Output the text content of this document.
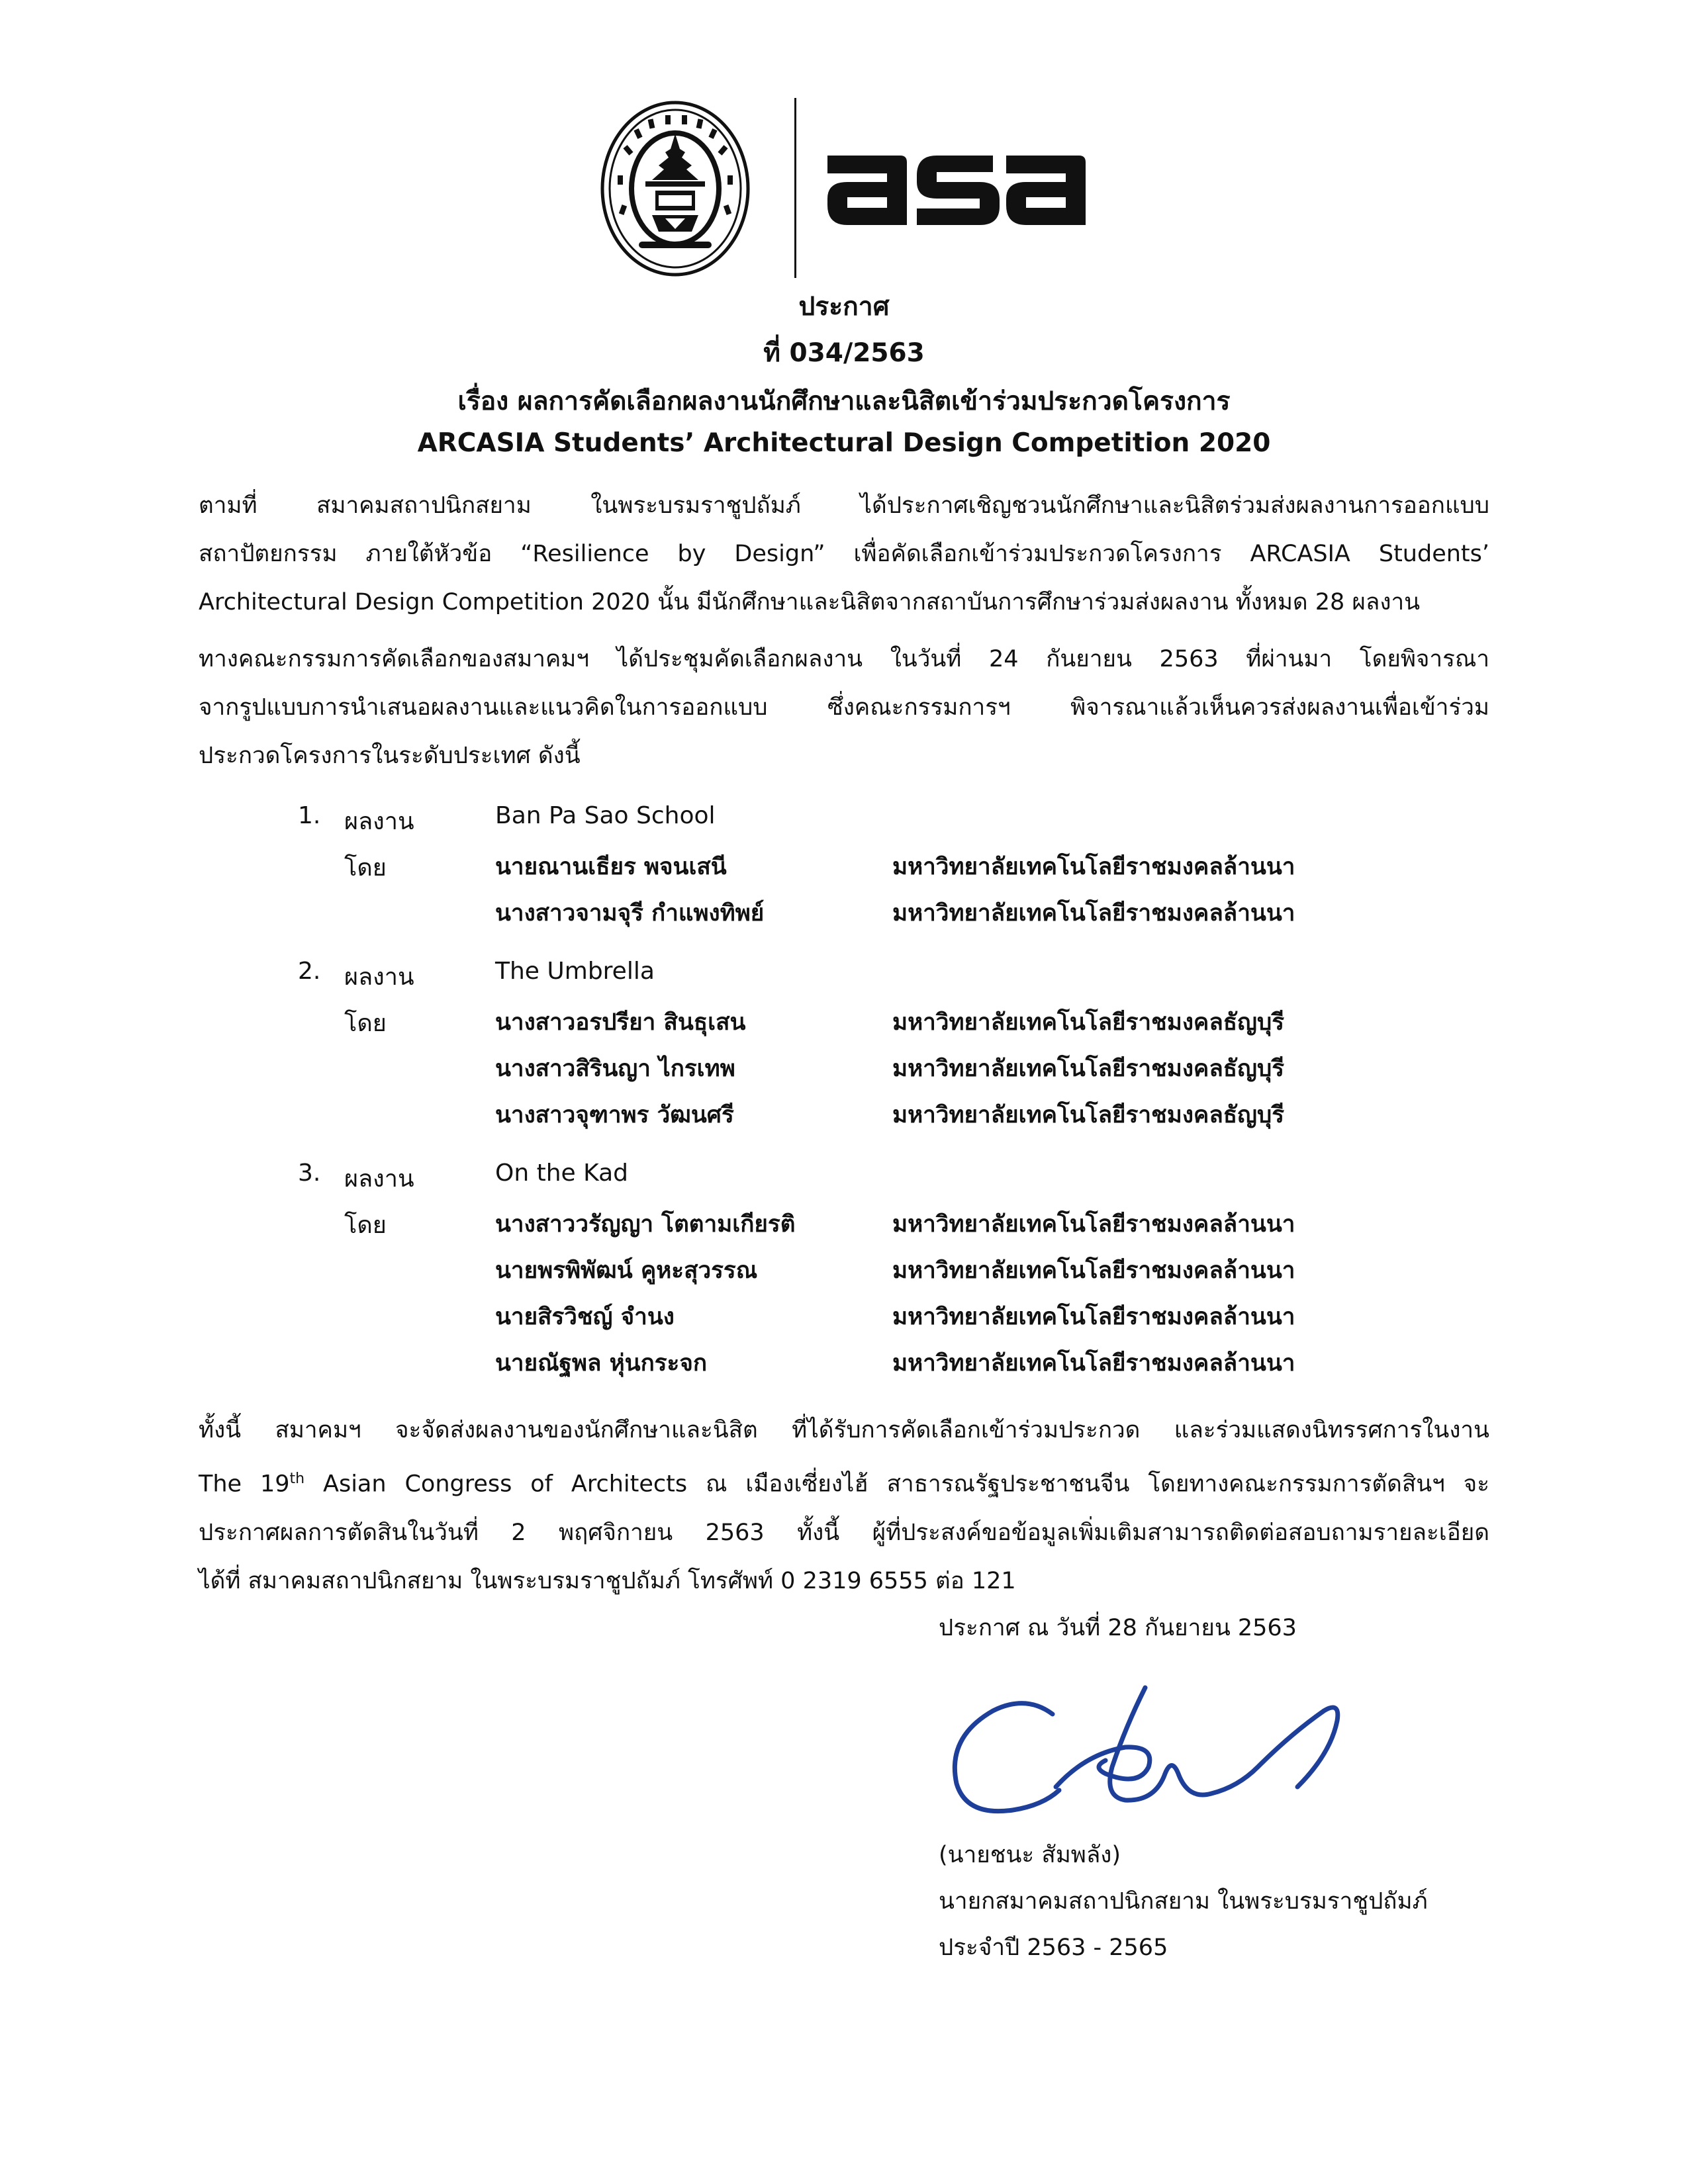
ประกาศ
ที่ 034/2563
เรื่อง ผลการคัดเลือกผลงานนักศึกษาและนิสิตเข้าร่วมประกวดโครงการ
ARCASIA Students’ Architectural Design Competition 2020
ตามที่ สมาคมสถาปนิกสยาม ในพระบรมราชูปถัมภ์ ได้ประกาศเชิญชวนนักศึกษาและนิสิตร่วมส่งผลงานการออกแบบ
สถาปัตยกรรม ภายใต้หัวข้อ “Resilience by Design” เพื่อคัดเลือกเข้าร่วมประกวดโครงการ ARCASIA Students’
Architectural Design Competition 2020 นั้น มีนักศึกษาและนิสิตจากสถาบันการศึกษาร่วมส่งผลงาน ทั้งหมด 28 ผลงาน
ทางคณะกรรมการคัดเลือกของสมาคมฯ ได้ประชุมคัดเลือกผลงาน ในวันที่ 24 กันยายน 2563 ที่ผ่านมา โดยพิจารณา
จากรูปแบบการนำเสนอผลงานและแนวคิดในการออกแบบ ซึ่งคณะกรรมการฯ พิจารณาแล้วเห็นควรส่งผลงานเพื่อเข้าร่วม
ประกวดโครงการในระดับประเทศ ดังนี้
1. ผลงาน	Ban Pa Sao School
โดย	นายณานเธียร พจนเสนี	มหาวิทยาลัยเทคโนโลยีราชมงคลล้านนา
นางสาวจามจุรี กำแพงทิพย์	มหาวิทยาลัยเทคโนโลยีราชมงคลล้านนา
2. ผลงาน	The Umbrella
โดย	นางสาวอรปรียา สินธุเสน	มหาวิทยาลัยเทคโนโลยีราชมงคลธัญบุรี
นางสาวสิรินญา ไกรเทพ	มหาวิทยาลัยเทคโนโลยีราชมงคลธัญบุรี
นางสาวจุฑาพร วัฒนศรี	มหาวิทยาลัยเทคโนโลยีราชมงคลธัญบุรี
3. ผลงาน	On the Kad
โดย	นางสาววรัญญา โตตามเกียรติ	มหาวิทยาลัยเทคโนโลยีราชมงคลล้านนา
นายพรพิพัฒน์ คูหะสุวรรณ	มหาวิทยาลัยเทคโนโลยีราชมงคลล้านนา
นายสิรวิชญ์ จำนง	มหาวิทยาลัยเทคโนโลยีราชมงคลล้านนา
นายณัฐพล หุ่นกระจก	มหาวิทยาลัยเทคโนโลยีราชมงคลล้านนา
ทั้งนี้ สมาคมฯ จะจัดส่งผลงานของนักศึกษาและนิสิต ที่ได้รับการคัดเลือกเข้าร่วมประกวด และร่วมแสดงนิทรรศการในงาน
The 19th Asian Congress of Architects ณ เมืองเซี่ยงไฮ้ สาธารณรัฐประชาชนจีน โดยทางคณะกรรมการตัดสินฯ จะ
ประกาศผลการตัดสินในวันที่ 2 พฤศจิกายน 2563 ทั้งนี้ ผู้ที่ประสงค์ขอข้อมูลเพิ่มเติมสามารถติดต่อสอบถามรายละเอียด
ได้ที่ สมาคมสถาปนิกสยาม ในพระบรมราชูปถัมภ์ โทรศัพท์ 0 2319 6555 ต่อ 121
ประกาศ ณ วันที่ 28 กันยายน 2563
(นายชนะ สัมพลัง)
นายกสมาคมสถาปนิกสยาม ในพระบรมราชูปถัมภ์
ประจำปี 2563 - 2565
